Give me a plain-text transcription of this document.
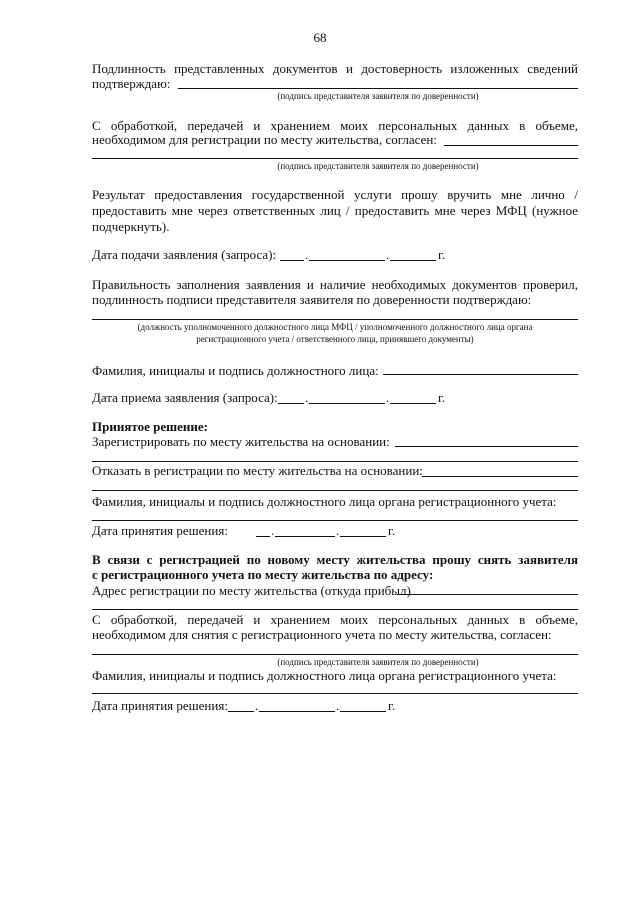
68
Подлинность представленных документов и достоверность изложенных сведений
подтверждаю:
(подпись представителя заявителя по доверенности)
С обработкой, передачей и хранением моих персональных данных в объеме,
необходимом для регистрации по месту жительства, согласен:
(подпись представителя заявителя по доверенности)
Результат предоставления государственной услуги прошу вручить мне лично /
предоставить мне через ответственных лиц / предоставить мне через МФЦ (нужное
подчеркнуть).
Дата подачи заявления (запроса): .	.	г.
Правильность заполнения заявления и наличие необходимых документов проверил,
подлинность подписи представителя заявителя по доверенности подтверждаю:
(должность уполномоченного должностного лица МФЦ / уполномоченного должностного лица органа
регистрационного учета / ответственного лица, принявшего документы)
Фамилия, инициалы и подпись должностного лица:
Дата приема заявления (запроса): .	.	г.
Принятое решение:
Зарегистрировать по месту жительства на основании:
Отказать в регистрации по месту жительства на основании:
Фамилия, инициалы и подпись должностного лица органа регистрационного учета:
Дата принятия решения:	.	.	г.
В связи с регистрацией по новому месту жительства прошу снять заявителя
с регистрационного учета по месту жительства по адресу:
Адрес регистрации по месту жительства (откуда прибыл)
С обработкой, передачей и хранением моих персональных данных в объеме,
необходимом для снятия с регистрационного учета по месту жительства, согласен:
(подпись представителя заявителя по доверенности)
Фамилия, инициалы и подпись должностного лица органа регистрационного учета:
Дата принятия решения: .	.	г.
